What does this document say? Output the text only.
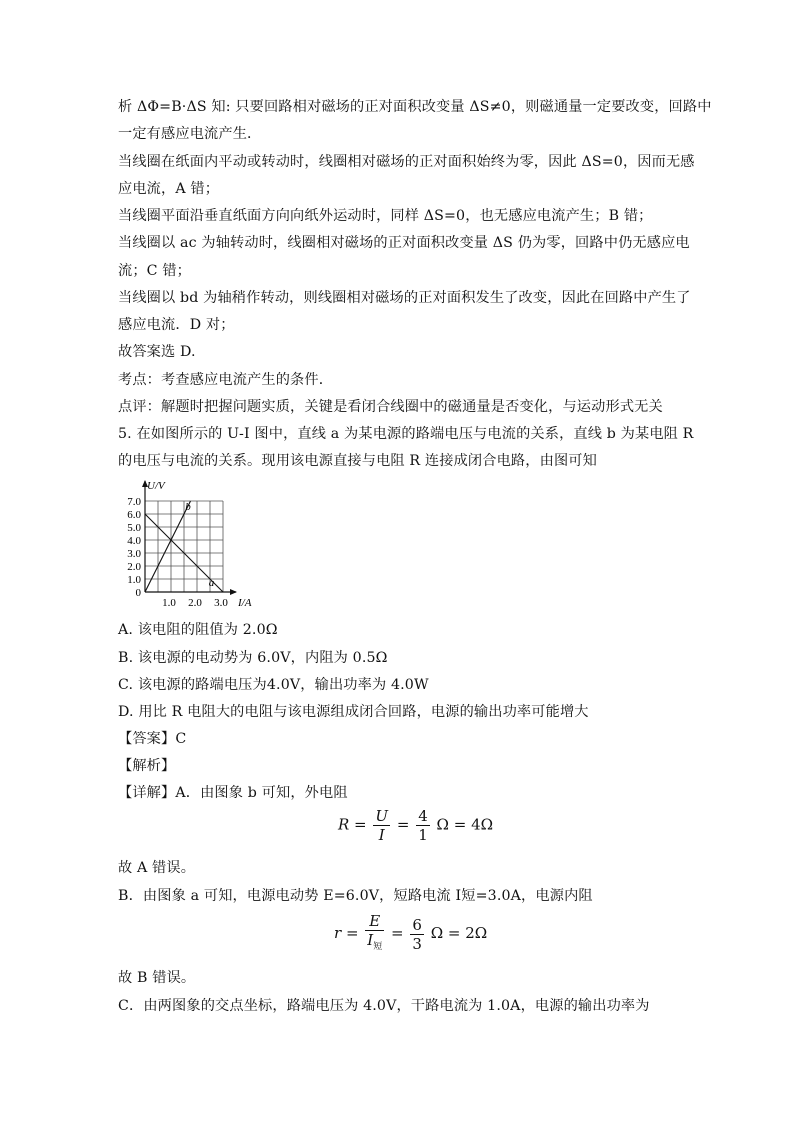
析 ΔΦ=B·ΔS 知: 只要回路相对磁场的正对面积改变量 ΔS≠0，则磁通量一定要改变，回路中
一定有感应电流产生．
当线圈在纸面内平动或转动时，线圈相对磁场的正对面积始终为零，因此 ΔS=0，因而无感
应电流，A 错；
当线圈平面沿垂直纸面方向向纸外运动时，同样 ΔS=0，也无感应电流产生；B 错；
当线圈以 ac 为轴转动时，线圈相对磁场的正对面积改变量 ΔS 仍为零，回路中仍无感应电
流；C 错；
当线圈以 bd 为轴稍作转动，则线圈相对磁场的正对面积发生了改变，因此在回路中产生了
感应电流．D 对；
故答案选 D.
考点：考查感应电流产生的条件．
点评：解题时把握问题实质，关键是看闭合线圈中的磁通量是否变化，与运动形式无关
5. 在如图所示的 U-I 图中，直线 a 为某电源的路端电压与电流的关系，直线 b 为某电阻 R
的电压与电流的关系。现用该电源直接与电阻 R 连接成闭合电路，由图可知
a
b
7.0
6.0
5.0
4.0
3.0
2.0
1.0
0
1.0 2.0 3.0
U/V
I/A
A. 该电阻的阻值为 2.0Ω
B. 该电源的电动势为 6.0V，内阻为 0.5Ω
C. 该电源的路端电压为4.0V，输出功率为 4.0W
D. 用比 R 电阻大的电阻与该电源组成闭合回路，电源的输出功率可能增大
【答案】C
【解析】
【详解】A．由图象 b 可知，外电阻
$R = \frac{U}{I} = \frac{4}{1}$ Ω = 4Ω
故 A 错误。
B．由图象 a 可知，电源电动势 E=6.0V，短路电流 I短=3.0A，电源内阻
$r = \frac{E}{I_短} = \frac{6}{3}$ Ω = 2Ω
故 B 错误。
C．由两图象的交点坐标，路端电压为 4.0V，干路电流为 1.0A，电源的输出功率为
